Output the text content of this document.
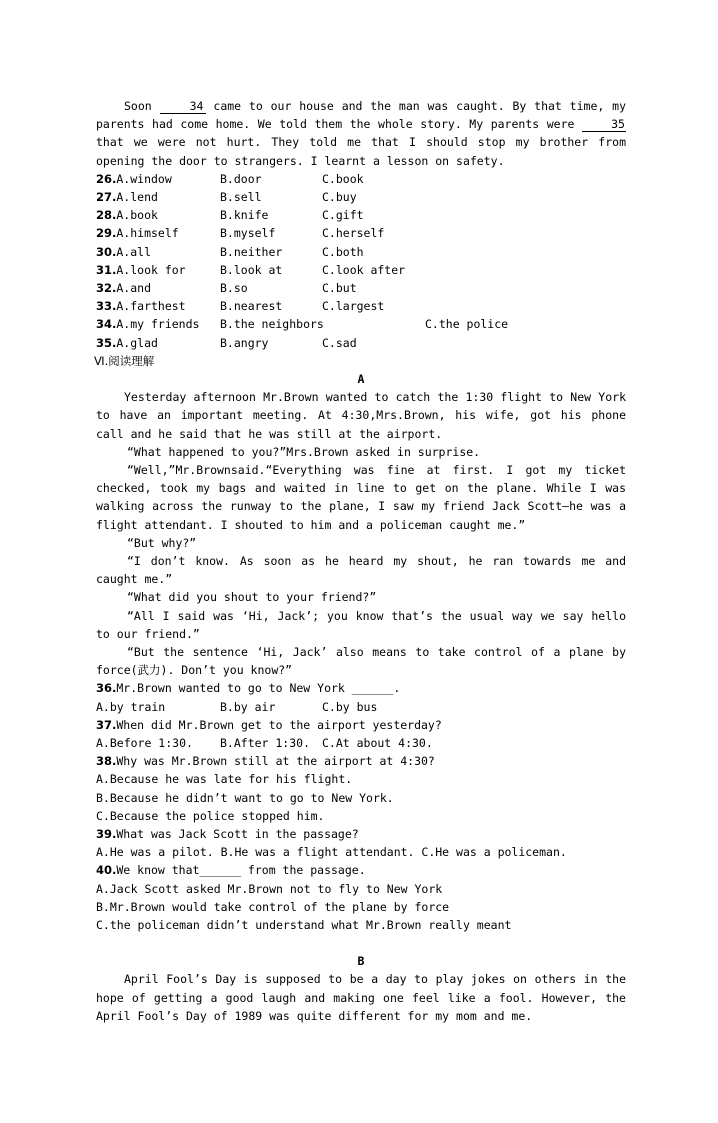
Soon	34 came to our house and the man was caught. By that time, my parents had come home. We told them the whole story. My parents were	35 that we were not hurt. They told me that I should stop my brother from opening the door to strangers. I learnt a lesson on safety.

26.A.window	B.door	C.book
27.A.lend	B.sell	C.buy
28.A.book	B.knife	C.gift
29.A.himself	B.myself	C.herself
30.A.all	B.neither	C.both
31.A.look for	B.look at	C.look after
32.A.and	B.so	C.but
33.A.farthest	B.nearest	C.largest
34.A.my friends B.the neighbors	C.the police
35.A.glad	B.angry	C.sad
Ⅵ.阅读理解
A

Yesterday afternoon Mr.Brown wanted to catch the 1:30 flight to New York to have an important meeting. At 4:30,Mrs.Brown, his wife, got his phone call and he said that he was still at the airport.

“What happened to you?”Mrs.Brown asked in surprise.

“Well,”Mr.Brownsaid.“Everything was fine at first. I got my ticket checked, took my bags and waited in line to get on the plane. While I was walking across the runway to the plane, I saw my friend Jack Scott—he was a flight attendant. I shouted to him and a policeman caught me.”

“But why?”

“I don’t know. As soon as he heard my shout, he ran towards me and caught me.”

“What did you shout to your friend?”

“All I said was ‘Hi, Jack’; you know that’s the usual way we say hello to our friend.”

“But the sentence ‘Hi, Jack’ also means to take control of a plane by force(武力). Don’t you know?”

36.Mr.Brown wanted to go to New York ______.
A.by train	B.by air	C.by bus
37.When did Mr.Brown get to the airport yesterday?
A.Before 1:30. B.After 1:30. C.At about 4:30.
38.Why was Mr.Brown still at the airport at 4:30?
A.Because he was late for his flight.
B.Because he didn’t want to go to New York.
C.Because the police stopped him.
39.What was Jack Scott in the passage?
A.He was a pilot. B.He was a flight attendant. C.He was a policeman.
40.We know that______ from the passage.
A.Jack Scott asked Mr.Brown not to fly to New York
B.Mr.Brown would take control of the plane by force
C.the policeman didn’t understand what Mr.Brown really meant
B

April Fool’s Day is supposed to be a day to play jokes on others in the hope of getting a good laugh and making one feel like a fool. However, the April Fool’s Day of 1989 was quite different for my mom and me.
